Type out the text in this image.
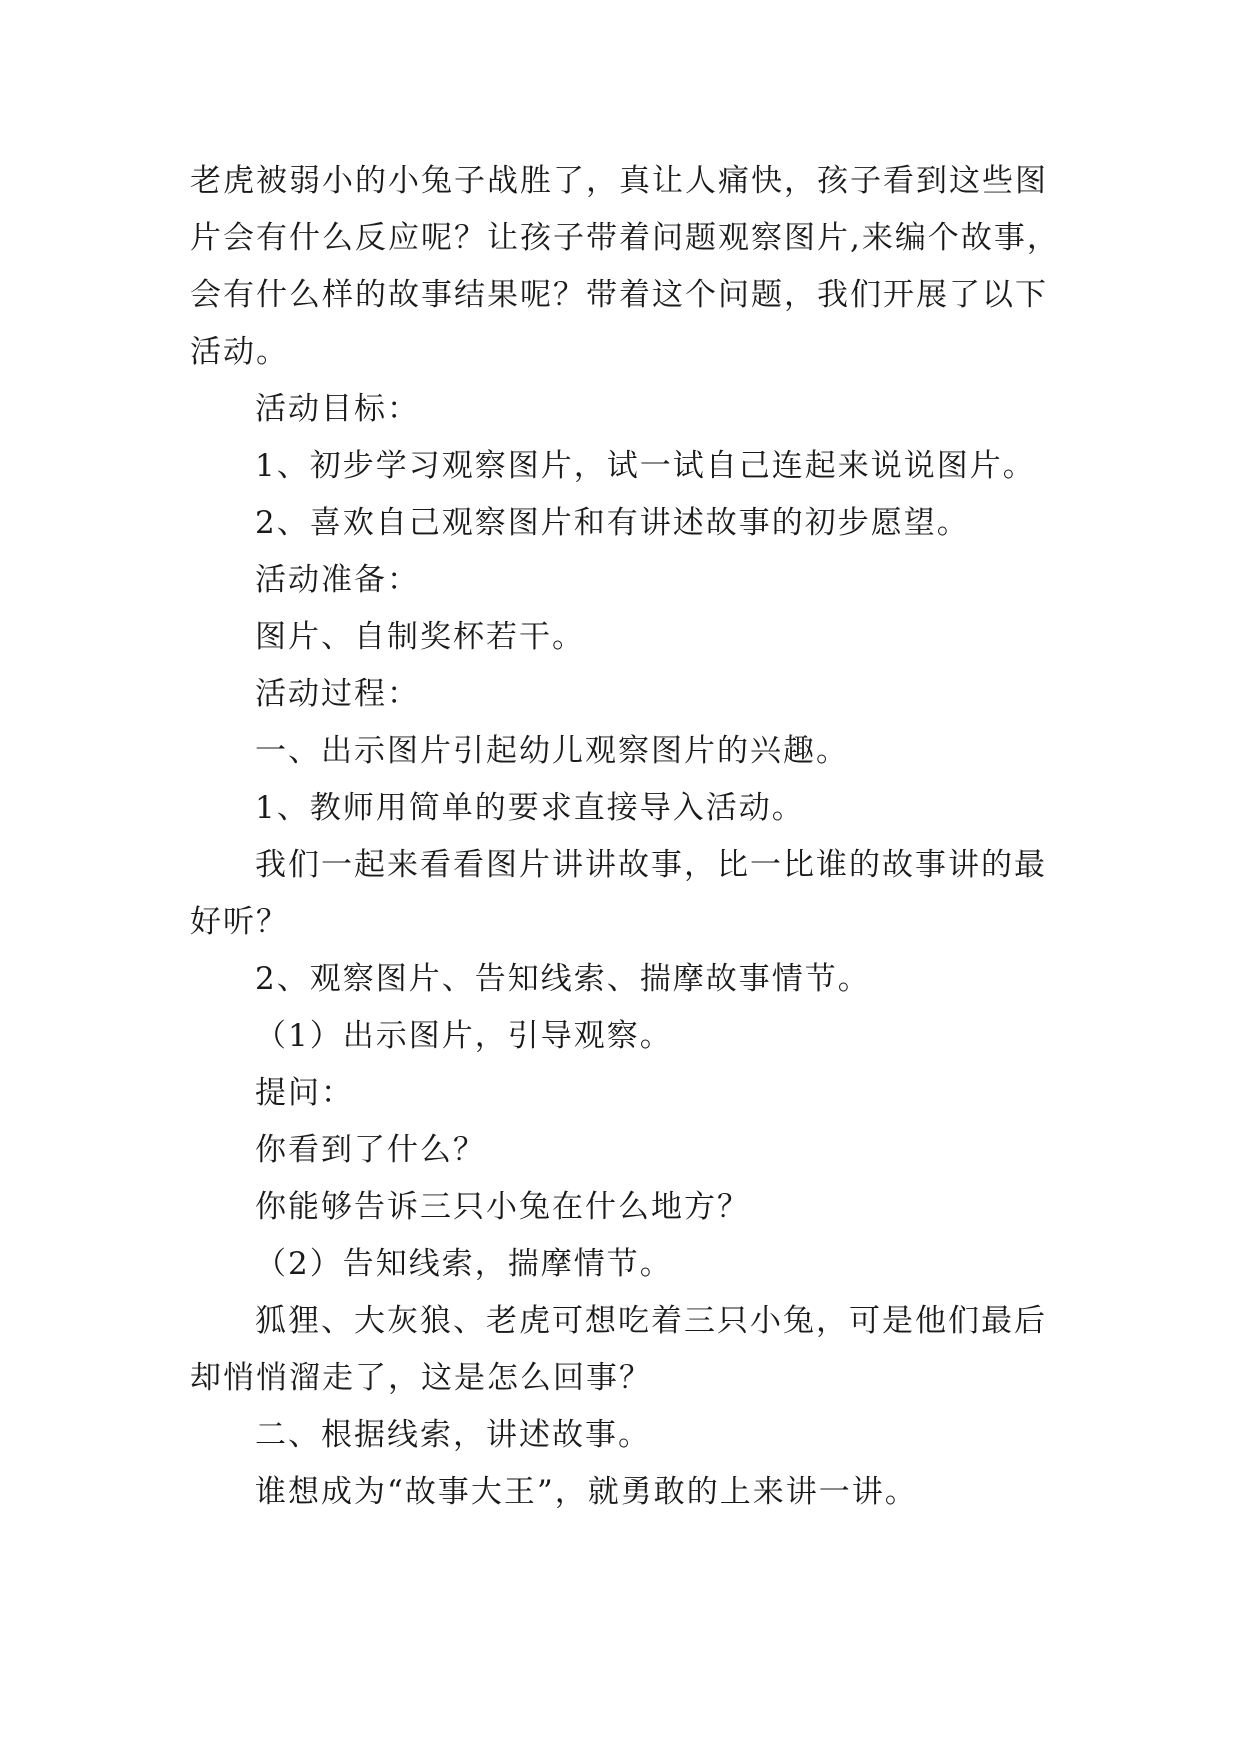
老虎被弱小的小兔子战胜了，真让人痛快，孩子看到这些图
片会有什么反应呢？让孩子带着问题观察图片,来编个故事，
会有什么样的故事结果呢？带着这个问题，我们开展了以下
活动。
活动目标：
1、初步学习观察图片，试一试自己连起来说说图片。
2、喜欢自己观察图片和有讲述故事的初步愿望。
活动准备：
图片、自制奖杯若干。
活动过程：
一、出示图片引起幼儿观察图片的兴趣。
1、教师用简单的要求直接导入活动。
我们一起来看看图片讲讲故事，比一比谁的故事讲的最
好听？
2、观察图片、告知线索、揣摩故事情节。
（1）出示图片，引导观察。
提问：
你看到了什么？
你能够告诉三只小兔在什么地方？
（2）告知线索，揣摩情节。
狐狸、大灰狼、老虎可想吃着三只小兔，可是他们最后
却悄悄溜走了，这是怎么回事？
二、根据线索，讲述故事。
谁想成为“故事大王”，就勇敢的上来讲一讲。
